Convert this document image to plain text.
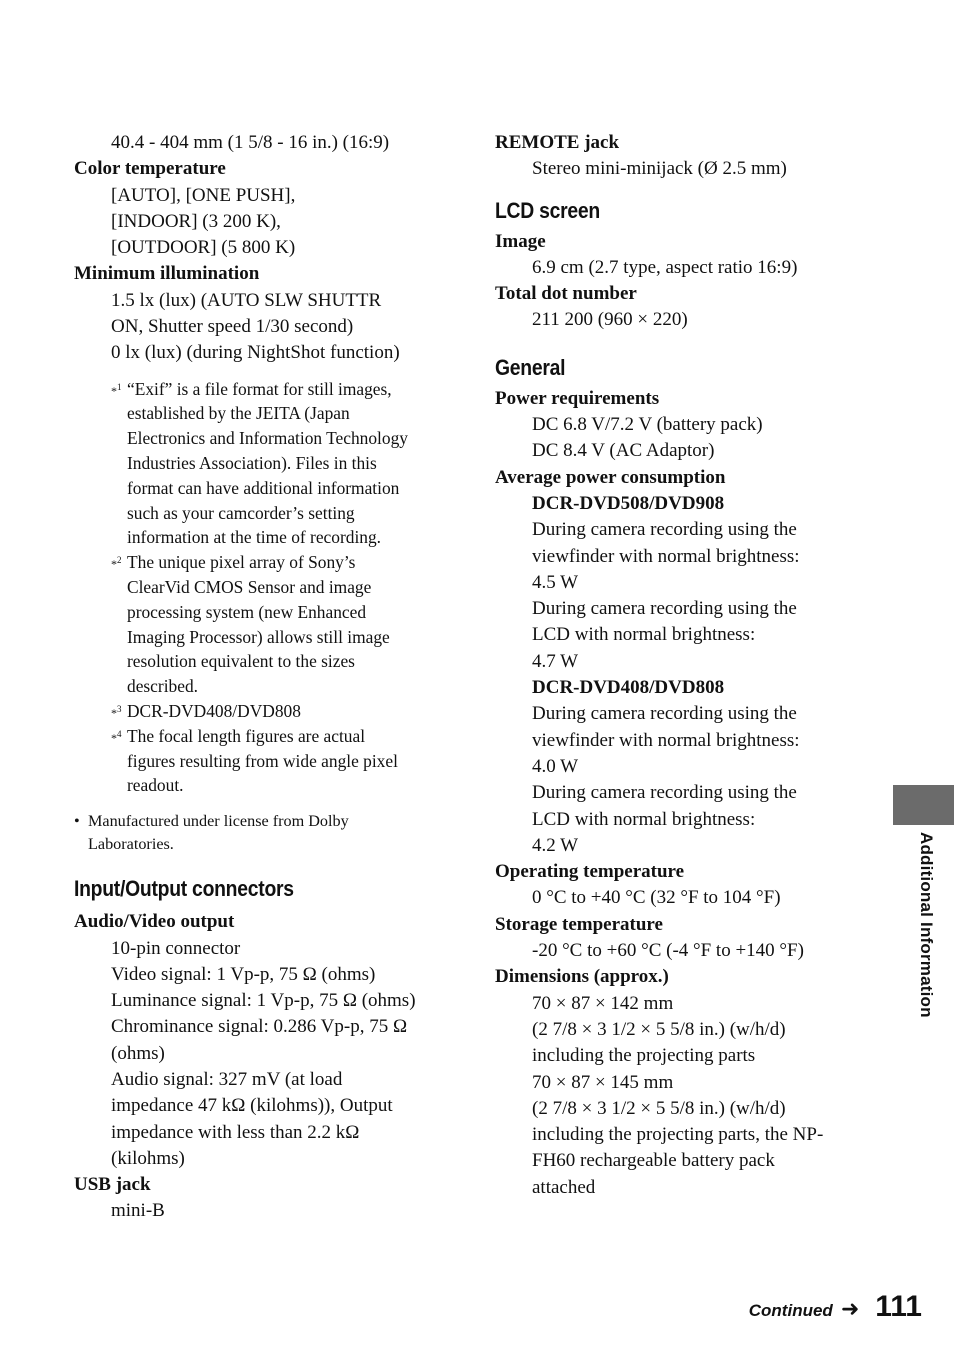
40.4 - 404 mm (1 5/8 - 16 in.) (16:9)
Color temperature
[AUTO], [ONE PUSH],
[INDOOR] (3 200 K),
[OUTDOOR] (5 800 K)
Minimum illumination
1.5 lx (lux) (AUTO SLW SHUTTR
ON, Shutter speed 1/30 second)
0 lx (lux) (during NightShot function)
*$^1$ “Exif” is a file format for still images,
established by the JEITA (Japan
Electronics and Information Technology
Industries Association). Files in this
format can have additional information
such as your camcorder’s setting
information at the time of recording.
*$^2$ The unique pixel array of Sony’s
ClearVid CMOS Sensor and image
processing system (new Enhanced
Imaging Processor) allows still image
resolution equivalent to the sizes
described.
*$^3$ DCR-DVD408/DVD808
*$^4$ The focal length figures are actual
figures resulting from wide angle pixel
readout.
• Manufactured under license from Dolby
Laboratories.
Input/Output connectors
Audio/Video output
10-pin connector
Video signal: 1 Vp-p, 75 Ω (ohms)
Luminance signal: 1 Vp-p, 75 Ω (ohms)
Chrominance signal: 0.286 Vp-p, 75 Ω
(ohms)
Audio signal: 327 mV (at load
impedance 47 kΩ (kilohms)), Output
impedance with less than 2.2 kΩ
(kilohms)
USB jack
mini-B
REMOTE jack
Stereo mini-minijack (Ø 2.5 mm)
LCD screen
Image
6.9 cm (2.7 type, aspect ratio 16:9)
Total dot number
211 200 (960 × 220)
General
Power requirements
DC 6.8 V/7.2 V (battery pack)
DC 8.4 V (AC Adaptor)
Average power consumption
DCR-DVD508/DVD908
During camera recording using the
viewfinder with normal brightness:
4.5 W
During camera recording using the
LCD with normal brightness:
4.7 W
DCR-DVD408/DVD808
During camera recording using the
viewfinder with normal brightness:
4.0 W
During camera recording using the
LCD with normal brightness:
4.2 W
Operating temperature
0 °C to +40 °C (32 °F to 104 °F)
Storage temperature
-20 °C to +60 °C (-4 °F to +140 °F)
Dimensions (approx.)
70 × 87 × 142 mm
(2 7/8 × 3 1/2 × 5 5/8 in.) (w/h/d)
including the projecting parts
70 × 87 × 145 mm
(2 7/8 × 3 1/2 × 5 5/8 in.) (w/h/d)
including the projecting parts, the NP-
FH60 rechargeable battery pack
attached
Additional Information
Continued ➜ 111
